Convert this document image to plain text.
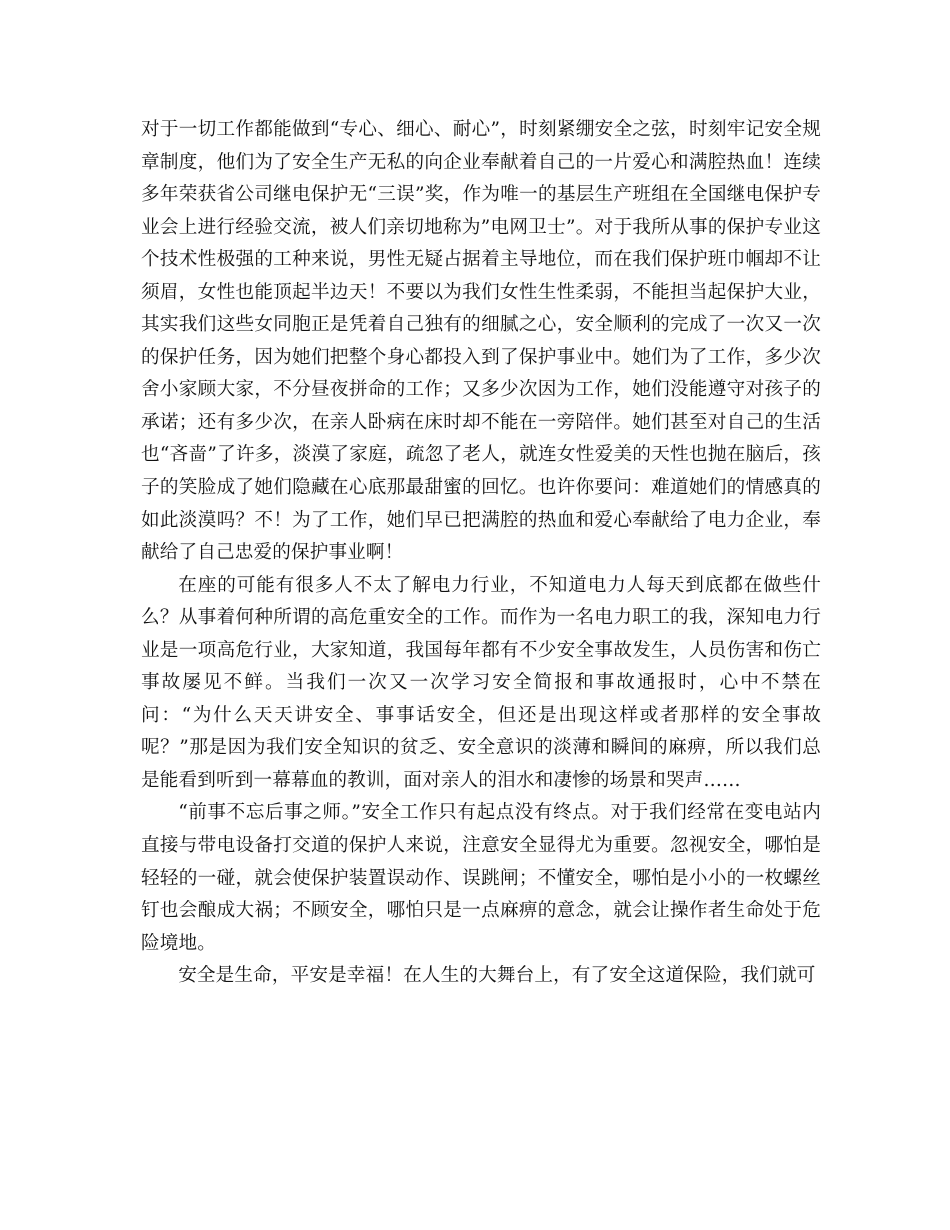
对于一切工作都能做到“专心、细心、耐心”，时刻紧绷安全之弦，时刻牢记安全规章制度，他们为了安全生产无私的向企业奉献着自己的一片爱心和满腔热血！连续多年荣获省公司继电保护无“三误”奖，作为唯一的基层生产班组在全国继电保护专业会上进行经验交流，被人们亲切地称为”电网卫士”。对于我所从事的保护专业这个技术性极强的工种来说，男性无疑占据着主导地位，而在我们保护班巾帼却不让须眉，女性也能顶起半边天！不要以为我们女性生性柔弱，不能担当起保护大业，其实我们这些女同胞正是凭着自己独有的细腻之心，安全顺利的完成了一次又一次的保护任务，因为她们把整个身心都投入到了保护事业中。她们为了工作，多少次舍小家顾大家，不分昼夜拼命的工作；又多少次因为工作，她们没能遵守对孩子的承诺；还有多少次，在亲人卧病在床时却不能在一旁陪伴。她们甚至对自己的生活也“吝啬”了许多，淡漠了家庭，疏忽了老人，就连女性爱美的天性也抛在脑后，孩子的笑脸成了她们隐藏在心底那最甜蜜的回忆。也许你要问：难道她们的情感真的如此淡漠吗？不！为了工作，她们早已把满腔的热血和爱心奉献给了电力企业，奉献给了自己忠爱的保护事业啊！

在座的可能有很多人不太了解电力行业，不知道电力人每天到底都在做些什么？从事着何种所谓的高危重安全的工作。而作为一名电力职工的我，深知电力行业是一项高危行业，大家知道，我国每年都有不少安全事故发生，人员伤害和伤亡事故屡见不鲜。当我们一次又一次学习安全简报和事故通报时，心中不禁在问：“为什么天天讲安全、事事话安全，但还是出现这样或者那样的安全事故呢？”那是因为我们安全知识的贫乏、安全意识的淡薄和瞬间的麻痹，所以我们总是能看到听到一幕幕血的教训，面对亲人的泪水和凄惨的场景和哭声……

“前事不忘后事之师。”安全工作只有起点没有终点。对于我们经常在变电站内直接与带电设备打交道的保护人来说，注意安全显得尤为重要。忽视安全，哪怕是轻轻的一碰，就会使保护装置误动作、误跳闸；不懂安全，哪怕是小小的一枚螺丝钉也会酿成大祸；不顾安全，哪怕只是一点麻痹的意念，就会让操作者生命处于危险境地。

安全是生命，平安是幸福！在人生的大舞台上，有了安全这道保险，我们就可
